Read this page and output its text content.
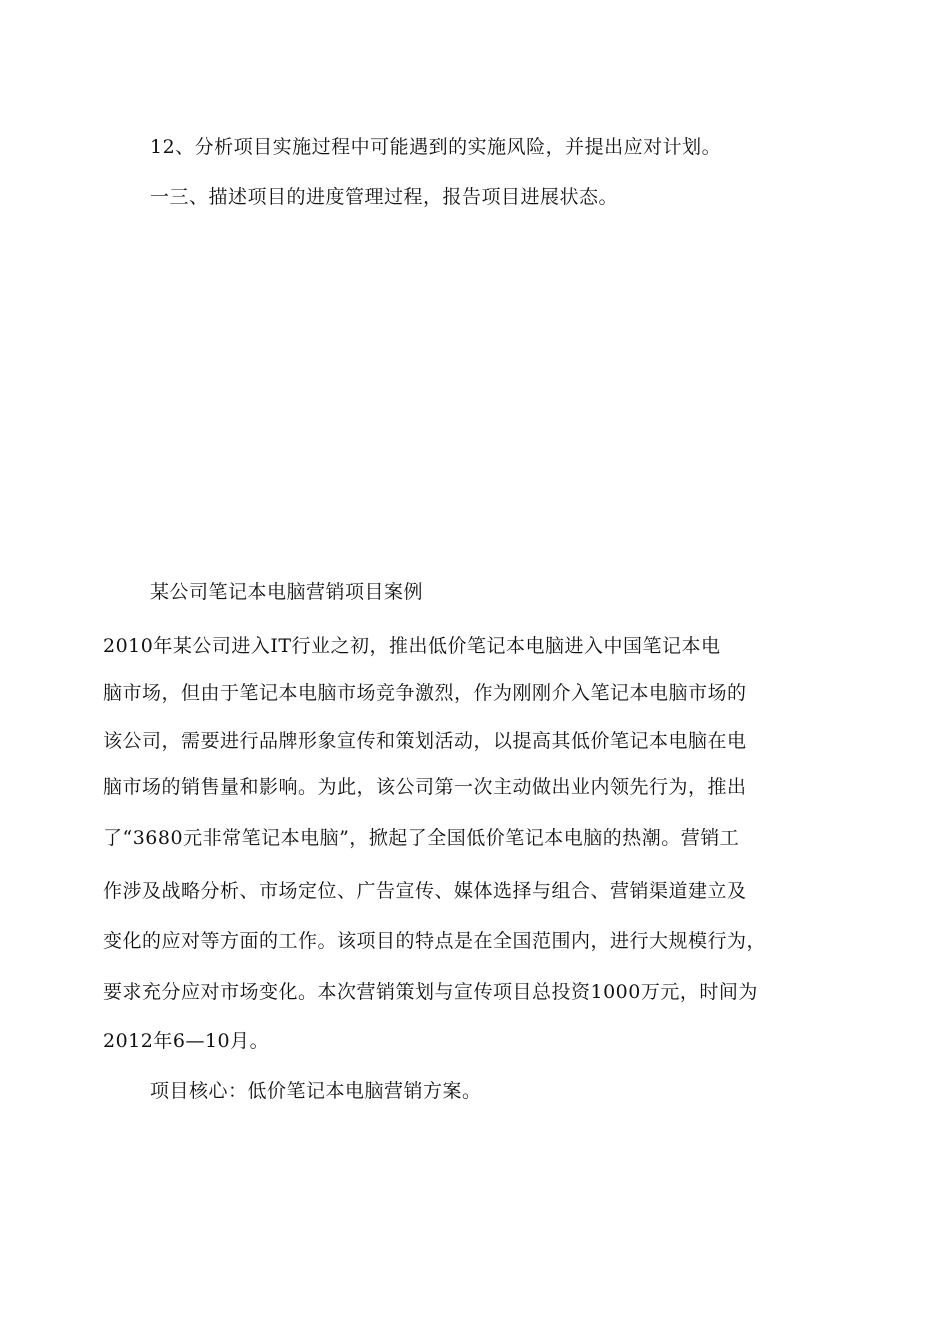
12、分析项目实施过程中可能遇到的实施风险，并提出应对计划。
一三、描述项目的进度管理过程，报告项目进展状态。
某公司笔记本电脑营销项目案例
2010年某公司进入IT行业之初，推出低价笔记本电脑进入中国笔记本电
脑市场，但由于笔记本电脑市场竞争激烈，作为刚刚介入笔记本电脑市场的
该公司，需要进行品牌形象宣传和策划活动，以提高其低价笔记本电脑在电
脑市场的销售量和影响。为此，该公司第一次主动做出业内领先行为，推出
了“3680元非常笔记本电脑”，掀起了全国低价笔记本电脑的热潮。营销工
作涉及战略分析、市场定位、广告宣传、媒体选择与组合、营销渠道建立及
变化的应对等方面的工作。该项目的特点是在全国范围内，进行大规模行为，
要求充分应对市场变化。本次营销策划与宣传项目总投资1000万元，时间为
2012年6—10月。
项目核心：低价笔记本电脑营销方案。
